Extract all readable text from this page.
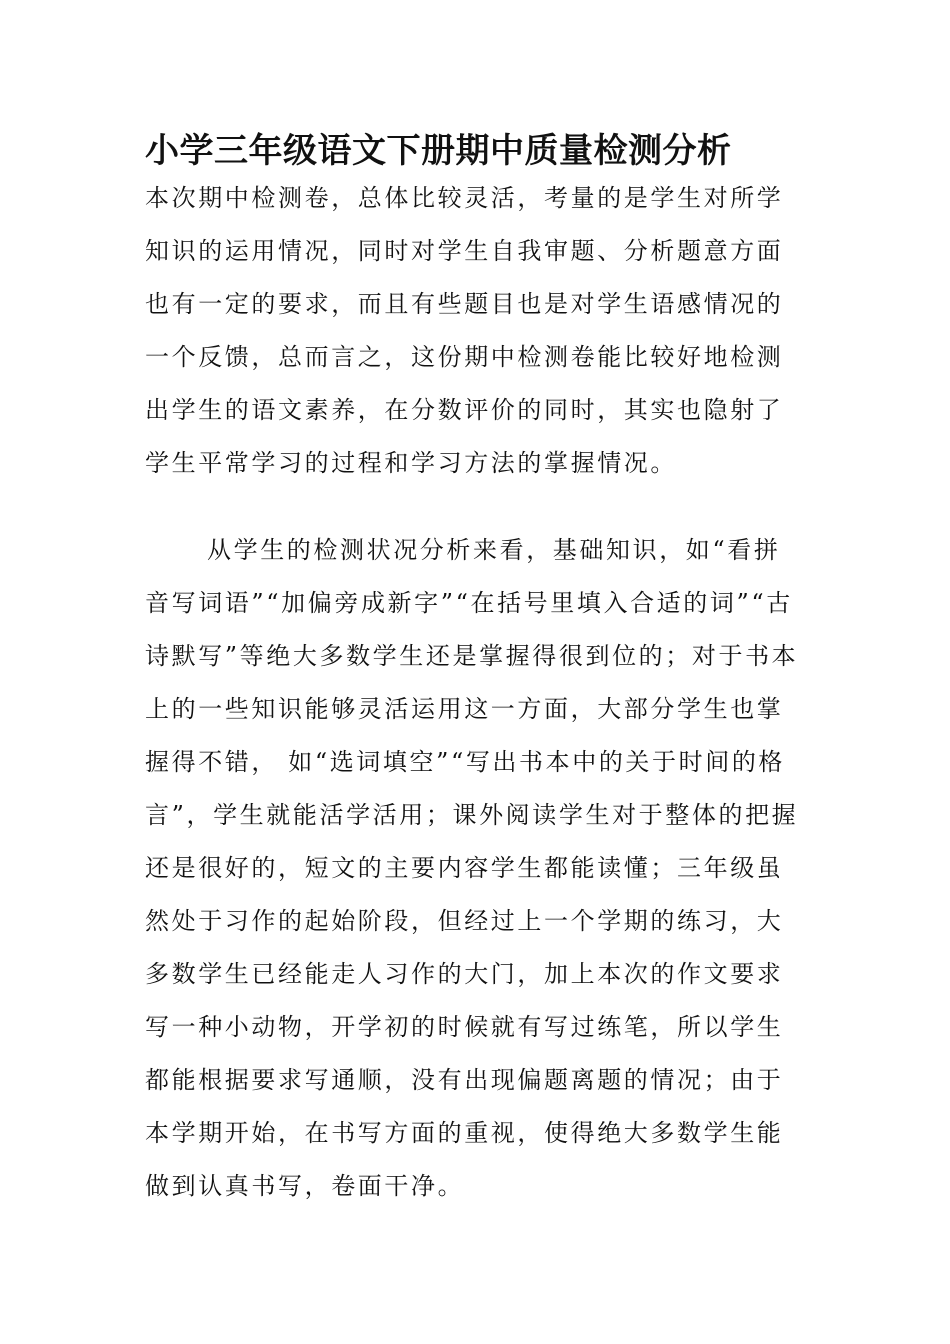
小学三年级语文下册期中质量检测分析

本次期中检测卷，总体比较灵活，考量的是学生对所学知识的运用情况，同时对学生自我审题、分析题意方面也有一定的要求，而且有些题目也是对学生语感情况的一个反馈，总而言之，这份期中检测卷能比较好地检测出学生的语文素养，在分数评价的同时，其实也隐射了学生平常学习的过程和学习方法的掌握情况。

从学生的检测状况分析来看，基础知识，如“看拼音写词语”“加偏旁成新字”“在括号里填入合适的词”“古诗默写”等绝大多数学生还是掌握得很到位的；对于书本上的一些知识能够灵活运用这一方面，大部分学生也掌握得不错， 如“选词填空”“写出书本中的关于时间的格言”，学生就能活学活用；课外阅读学生对于整体的把握还是很好的，短文的主要内容学生都能读懂；三年级虽然处于习作的起始阶段，但经过上一个学期的练习，大多数学生已经能走人习作的大门，加上本次的作文要求写一种小动物，开学初的时候就有写过练笔，所以学生都能根据要求写通顺，没有出现偏题离题的情况；由于本学期开始，在书写方面的重视，使得绝大多数学生能做到认真书写，卷面干净。
